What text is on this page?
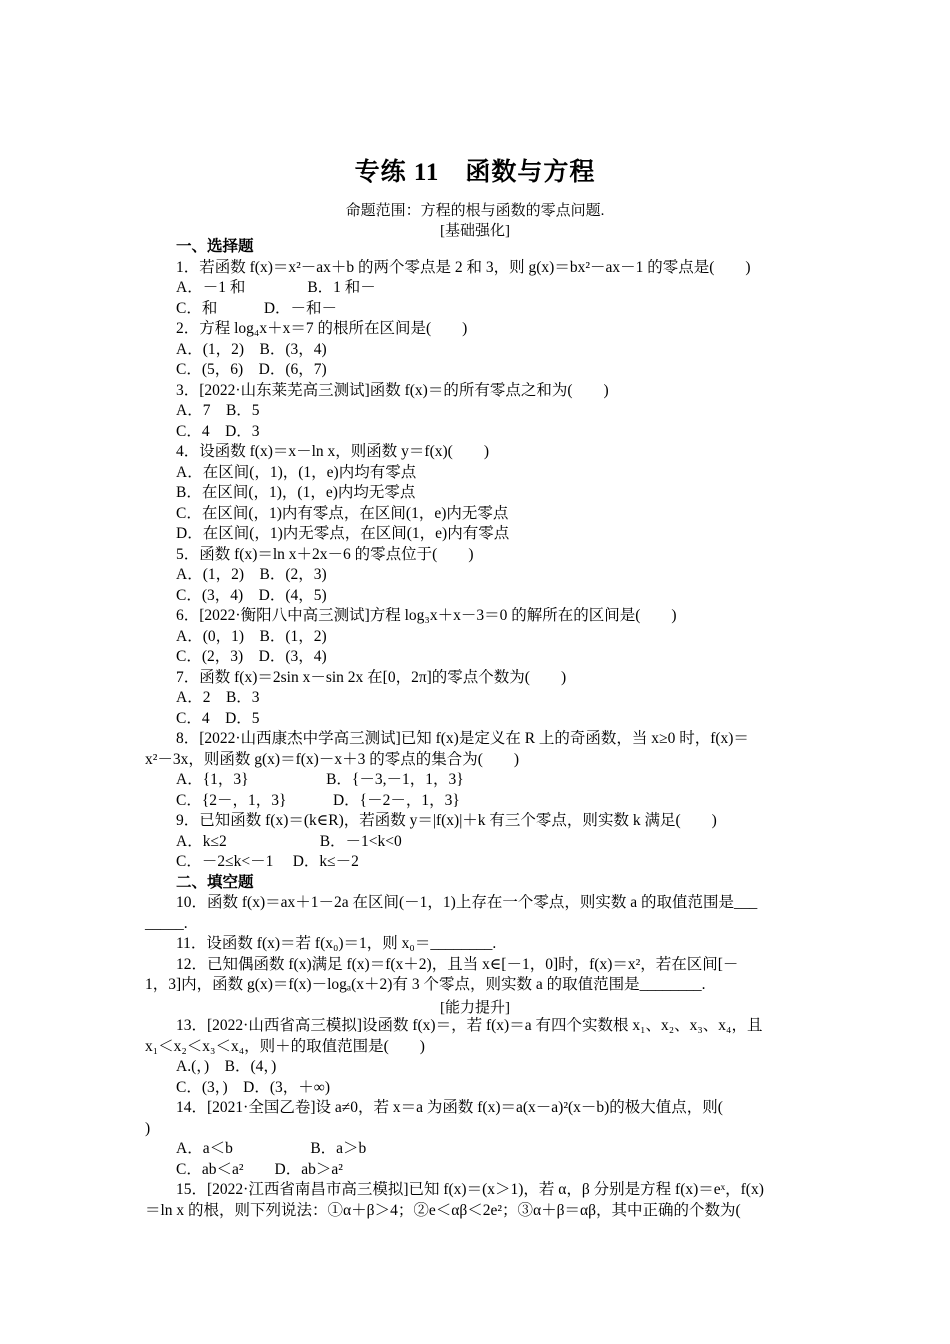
专练 11　函数与方程
命题范围：方程的根与函数的零点问题.
[基础强化]
一、选择题
1．若函数 f(x)＝x²－ax＋b 的两个零点是 2 和 3，则 g(x)＝bx²－ax－1 的零点是(　　)
A．－1 和　　　　B．1 和－
C．和　　　D．－和－
2．方程 log₄x＋x＝7 的根所在区间是(　　)
A．(1，2)　B．(3，4)
C．(5，6)　D．(6，7)
3．[2022·山东莱芜高三测试]函数 f(x)＝的所有零点之和为(　　)
A．7　B．5
C．4　D．3
4．设函数 f(x)＝x－ln x，则函数 y＝f(x)(　　)
A．在区间(，1)，(1，e)内均有零点
B．在区间(，1)，(1，e)内均无零点
C．在区间(，1)内有零点，在区间(1，e)内无零点
D．在区间(，1)内无零点，在区间(1，e)内有零点
5．函数 f(x)＝ln x＋2x－6 的零点位于(　　)
A．(1，2)　B．(2，3)
C．(3，4)　D．(4，5)
6．[2022·衡阳八中高三测试]方程 log₃x＋x－3＝0 的解所在的区间是(　　)
A．(0，1)　B．(1，2)
C．(2，3)　D．(3，4)
7．函数 f(x)＝2sin x－sin 2x 在[0，2π]的零点个数为(　　)
A．2　B．3
C．4　D．5
8．[2022·山西康杰中学高三测试]已知 f(x)是定义在 R 上的奇函数，当 x≥0 时，f(x)＝
x²－3x，则函数 g(x)＝f(x)－x＋3 的零点的集合为(　　)
A．{1，3}　　　　　B．{－3,－1，1，3}
C．{2－，1，3}　　　D．{－2－，1，3}
9．已知函数 f(x)＝(k∈R)，若函数 y＝|f(x)|＋k 有三个零点，则实数 k 满足(　　)
A．k≤2　　　　　　B．－1<k<0
C．－2≤k<－1　 D．k≤－2
二、填空题
10．函数 f(x)＝ax＋1－2a 在区间(－1，1)上存在一个零点，则实数 a 的取值范围是___
_____.
11．设函数 f(x)＝若 f(x₀)＝1，则 x₀＝________.
12．已知偶函数 f(x)满足 f(x)＝f(x＋2)，且当 x∈[－1，0]时，f(x)＝x²，若在区间[－
1，3]内，函数 g(x)＝f(x)－logₐ(x＋2)有 3 个零点，则实数 a 的取值范围是________.
[能力提升]
13．[2022·山西省高三模拟]设函数 f(x)＝，若 f(x)＝a 有四个实数根 x₁、x₂、x₃、x₄，且
x₁＜x₂＜x₃＜x₄，则＋的取值范围是(　　)
A.(，)　B．(4，)
C．(3，)　D．(3，＋∞)
14．[2021·全国乙卷]设 a≠0，若 x＝a 为函数 f(x)＝a(x－a)²(x－b)的极大值点，则(
)
A．a＜b　　　　　B．a＞b
C．ab＜a²　　D．ab＞a²
15．[2022·江西省南昌市高三模拟]已知 f(x)＝(x＞1)，若 α，β 分别是方程 f(x)＝eˣ，f(x)
＝ln x 的根，则下列说法：①α＋β＞4；②e＜αβ＜2e²；③α＋β＝αβ，其中正确的个数为(
